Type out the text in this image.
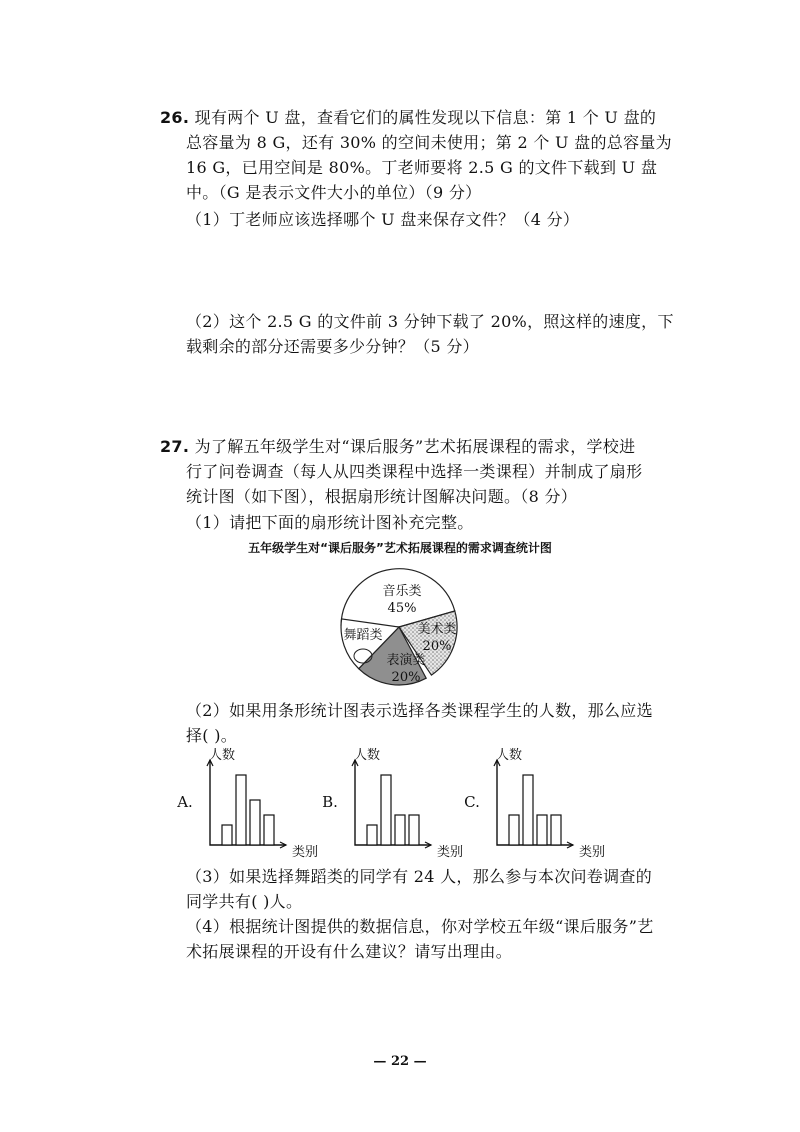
26. 现有两个 U 盘，查看它们的属性发现以下信息：第 1 个 U 盘的
总容量为 8 G，还有 30% 的空间未使用；第 2 个 U 盘的总容量为
16 G，已用空间是 80%。丁老师要将 2.5 G 的文件下载到 U 盘
中。（G 是表示文件大小的单位）（9 分）
（1）丁老师应该选择哪个 U 盘来保存文件？（4 分）
（2）这个 2.5 G 的文件前 3 分钟下载了 20%，照这样的速度，下
载剩余的部分还需要多少分钟？（5 分）
27. 为了解五年级学生对“课后服务”艺术拓展课程的需求，学校进
行了问卷调查（每人从四类课程中选择一类课程）并制成了扇形
统计图（如下图），根据扇形统计图解决问题。（8 分）
（1）请把下面的扇形统计图补充完整。
五年级学生对“课后服务”艺术拓展课程的需求调查统计图
音乐类
45%
美术类
20%
表演类
20%
舞蹈类
（2）如果用条形统计图表示选择各类课程学生的人数，那么应选
择( )。
A.
人数
类别
B.
人数
类别
C.
人数
类别
（3）如果选择舞蹈类的同学有 24 人，那么参与本次问卷调查的
同学共有( )人。
（4）根据统计图提供的数据信息，你对学校五年级“课后服务”艺
术拓展课程的开设有什么建议？请写出理由。
— 22 —
